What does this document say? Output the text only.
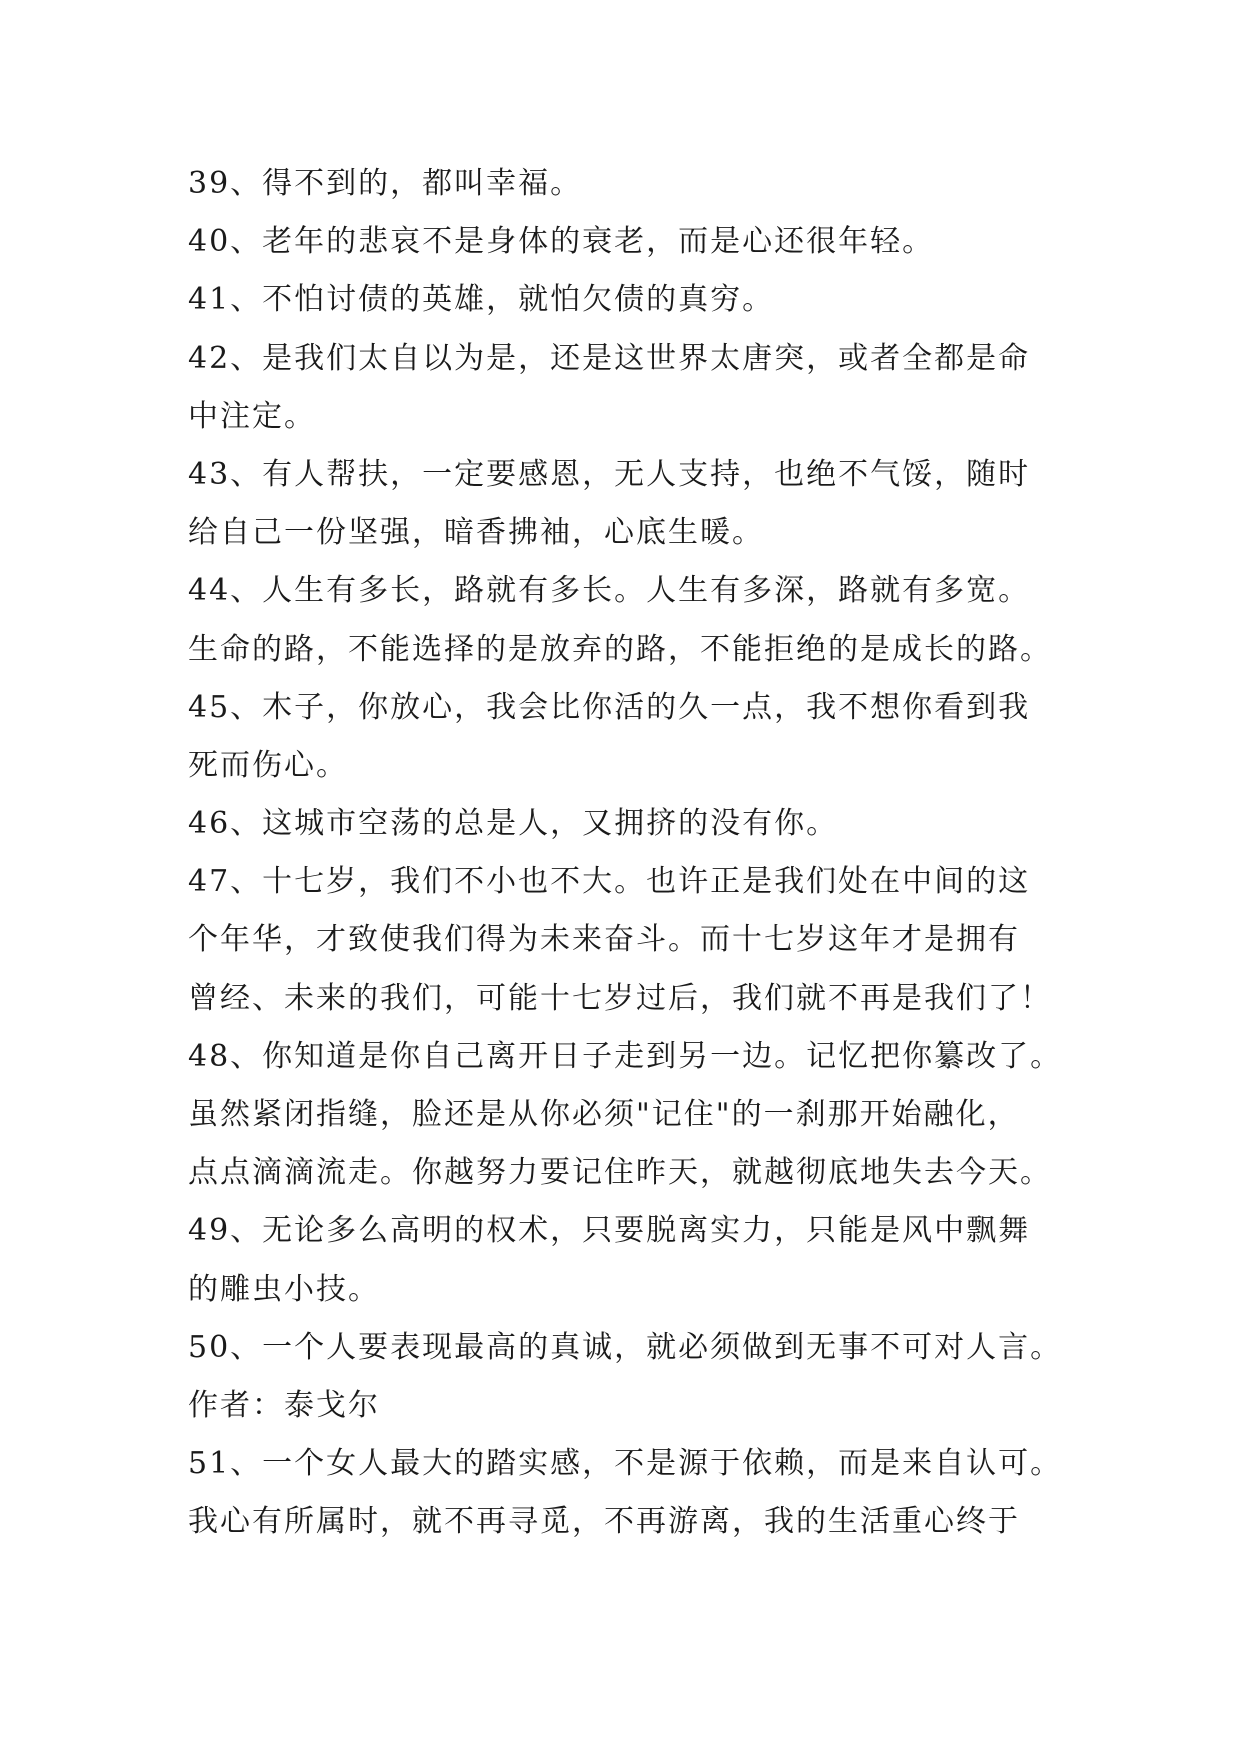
39、得不到的，都叫幸福。
40、老年的悲哀不是身体的衰老，而是心还很年轻。
41、不怕讨债的英雄，就怕欠债的真穷。
42、是我们太自以为是，还是这世界太唐突，或者全都是命
中注定。
43、有人帮扶，一定要感恩，无人支持，也绝不气馁，随时
给自己一份坚强，暗香拂袖，心底生暖。
44、人生有多长，路就有多长。人生有多深，路就有多宽。
生命的路，不能选择的是放弃的路，不能拒绝的是成长的路。
45、木子，你放心，我会比你活的久一点，我不想你看到我
死而伤心。
46、这城市空荡的总是人，又拥挤的没有你。
47、十七岁，我们不小也不大。也许正是我们处在中间的这
个年华，才致使我们得为未来奋斗。而十七岁这年才是拥有
曾经、未来的我们，可能十七岁过后，我们就不再是我们了！
48、你知道是你自己离开日子走到另一边。记忆把你纂改了。
虽然紧闭指缝，脸还是从你必须"记住"的一刹那开始融化，
点点滴滴流走。你越努力要记住昨天，就越彻底地失去今天。
49、无论多么高明的权术，只要脱离实力，只能是风中飘舞
的雕虫小技。
50、一个人要表现最高的真诚，就必须做到无事不可对人言。
作者：泰戈尔
51、一个女人最大的踏实感，不是源于依赖，而是来自认可。
我心有所属时，就不再寻觅，不再游离，我的生活重心终于
